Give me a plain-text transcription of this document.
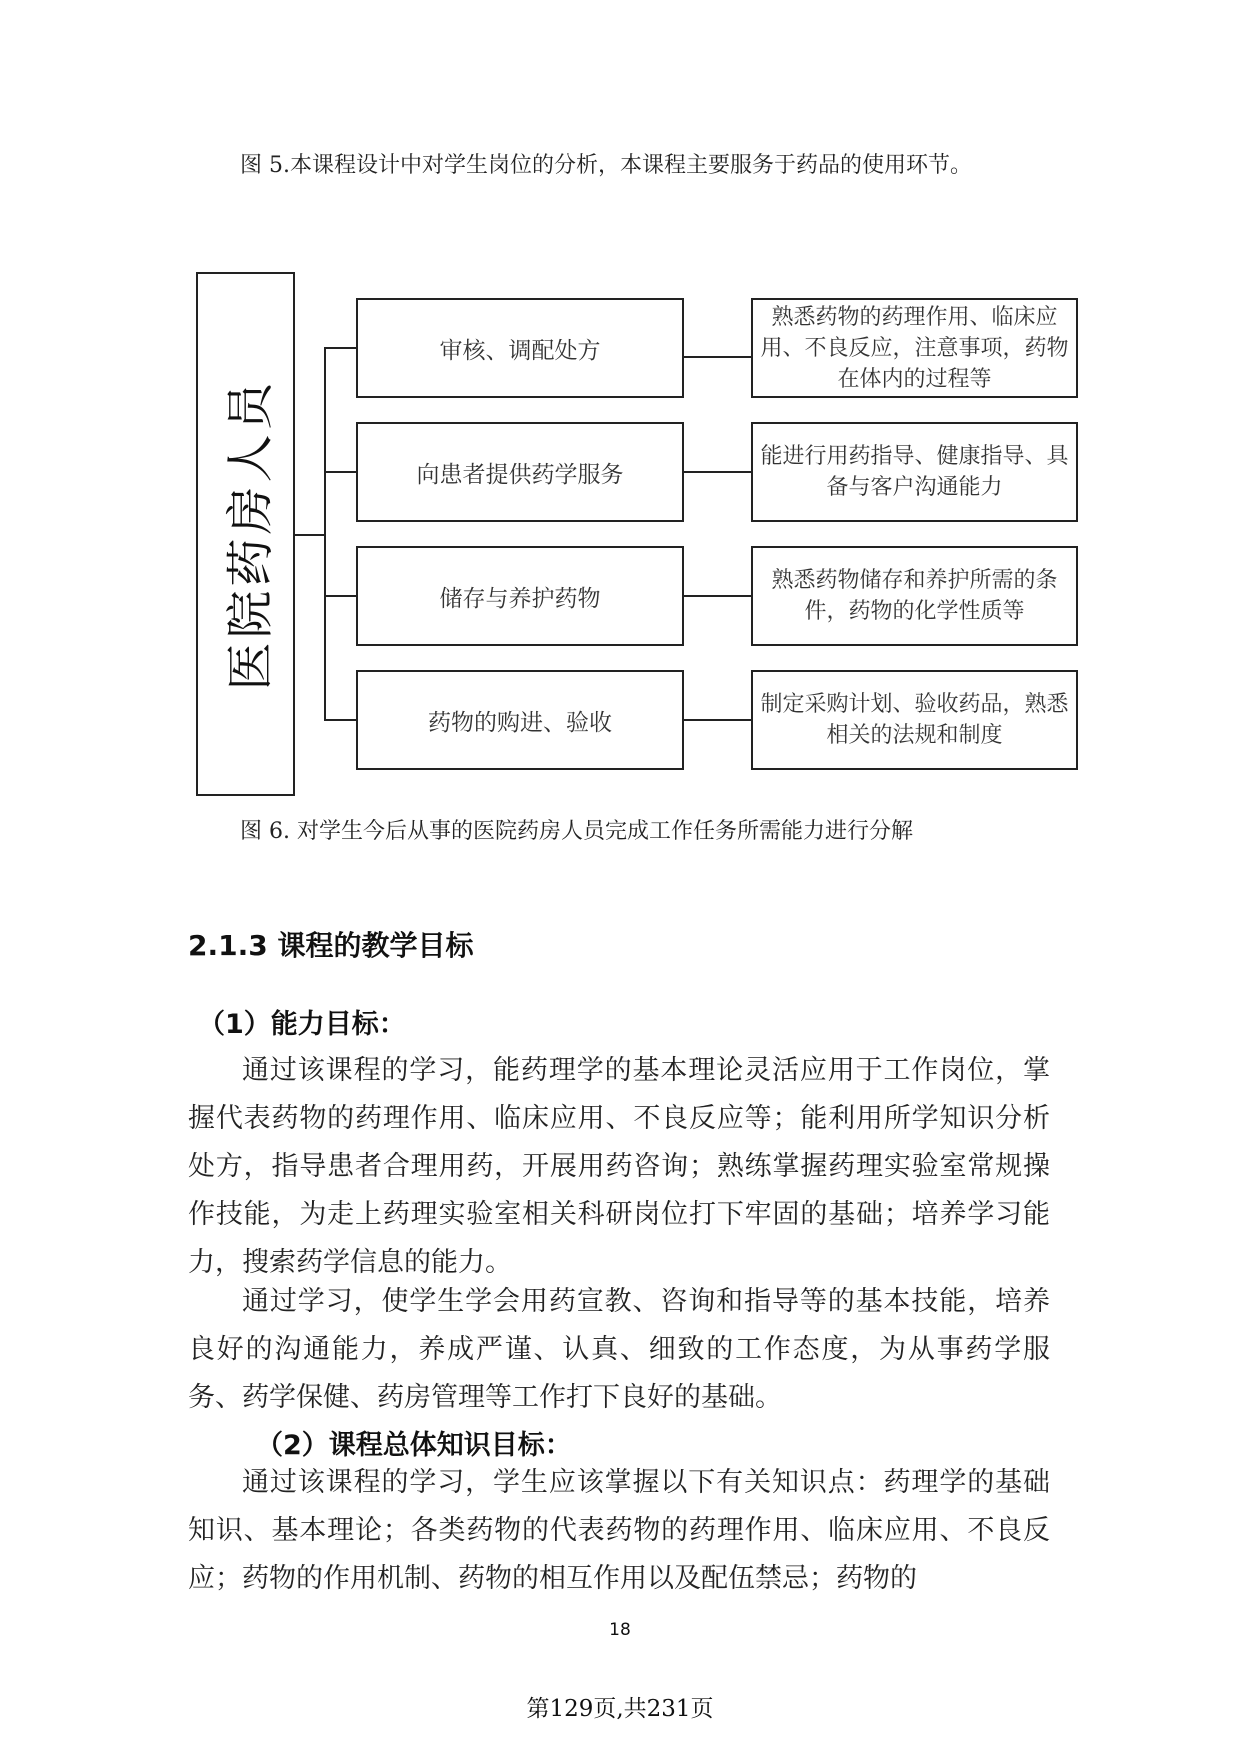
图 5.本课程设计中对学生岗位的分析，本课程主要服务于药品的使用环节。
医院药房人员
审核、调配处方
熟悉药物的药理作用、临床应用、不良反应，注意事项，药物在体内的过程等
向患者提供药学服务
能进行用药指导、健康指导、具备与客户沟通能力
储存与养护药物
熟悉药物储存和养护所需的条件，药物的化学性质等
药物的购进、验收
制定采购计划、验收药品，熟悉相关的法规和制度
图 6. 对学生今后从事的医院药房人员完成工作任务所需能力进行分解
2.1.3 课程的教学目标
（1）能力目标：
通过该课程的学习，能药理学的基本理论灵活应用于工作岗位，掌握代表药物的药理作用、临床应用、不良反应等；能利用所学知识分析处方，指导患者合理用药，开展用药咨询；熟练掌握药理实验室常规操作技能，为走上药理实验室相关科研岗位打下牢固的基础；培养学习能力，搜索药学信息的能力。
通过学习，使学生学会用药宣教、咨询和指导等的基本技能，培养良好的沟通能力，养成严谨、认真、细致的工作态度，为从事药学服务、药学保健、药房管理等工作打下良好的基础。
（2）课程总体知识目标：
通过该课程的学习，学生应该掌握以下有关知识点：药理学的基础知识、基本理论；各类药物的代表药物的药理作用、临床应用、不良反应；药物的作用机制、药物的相互作用以及配伍禁忌；药物的
18
第129页,共231页
